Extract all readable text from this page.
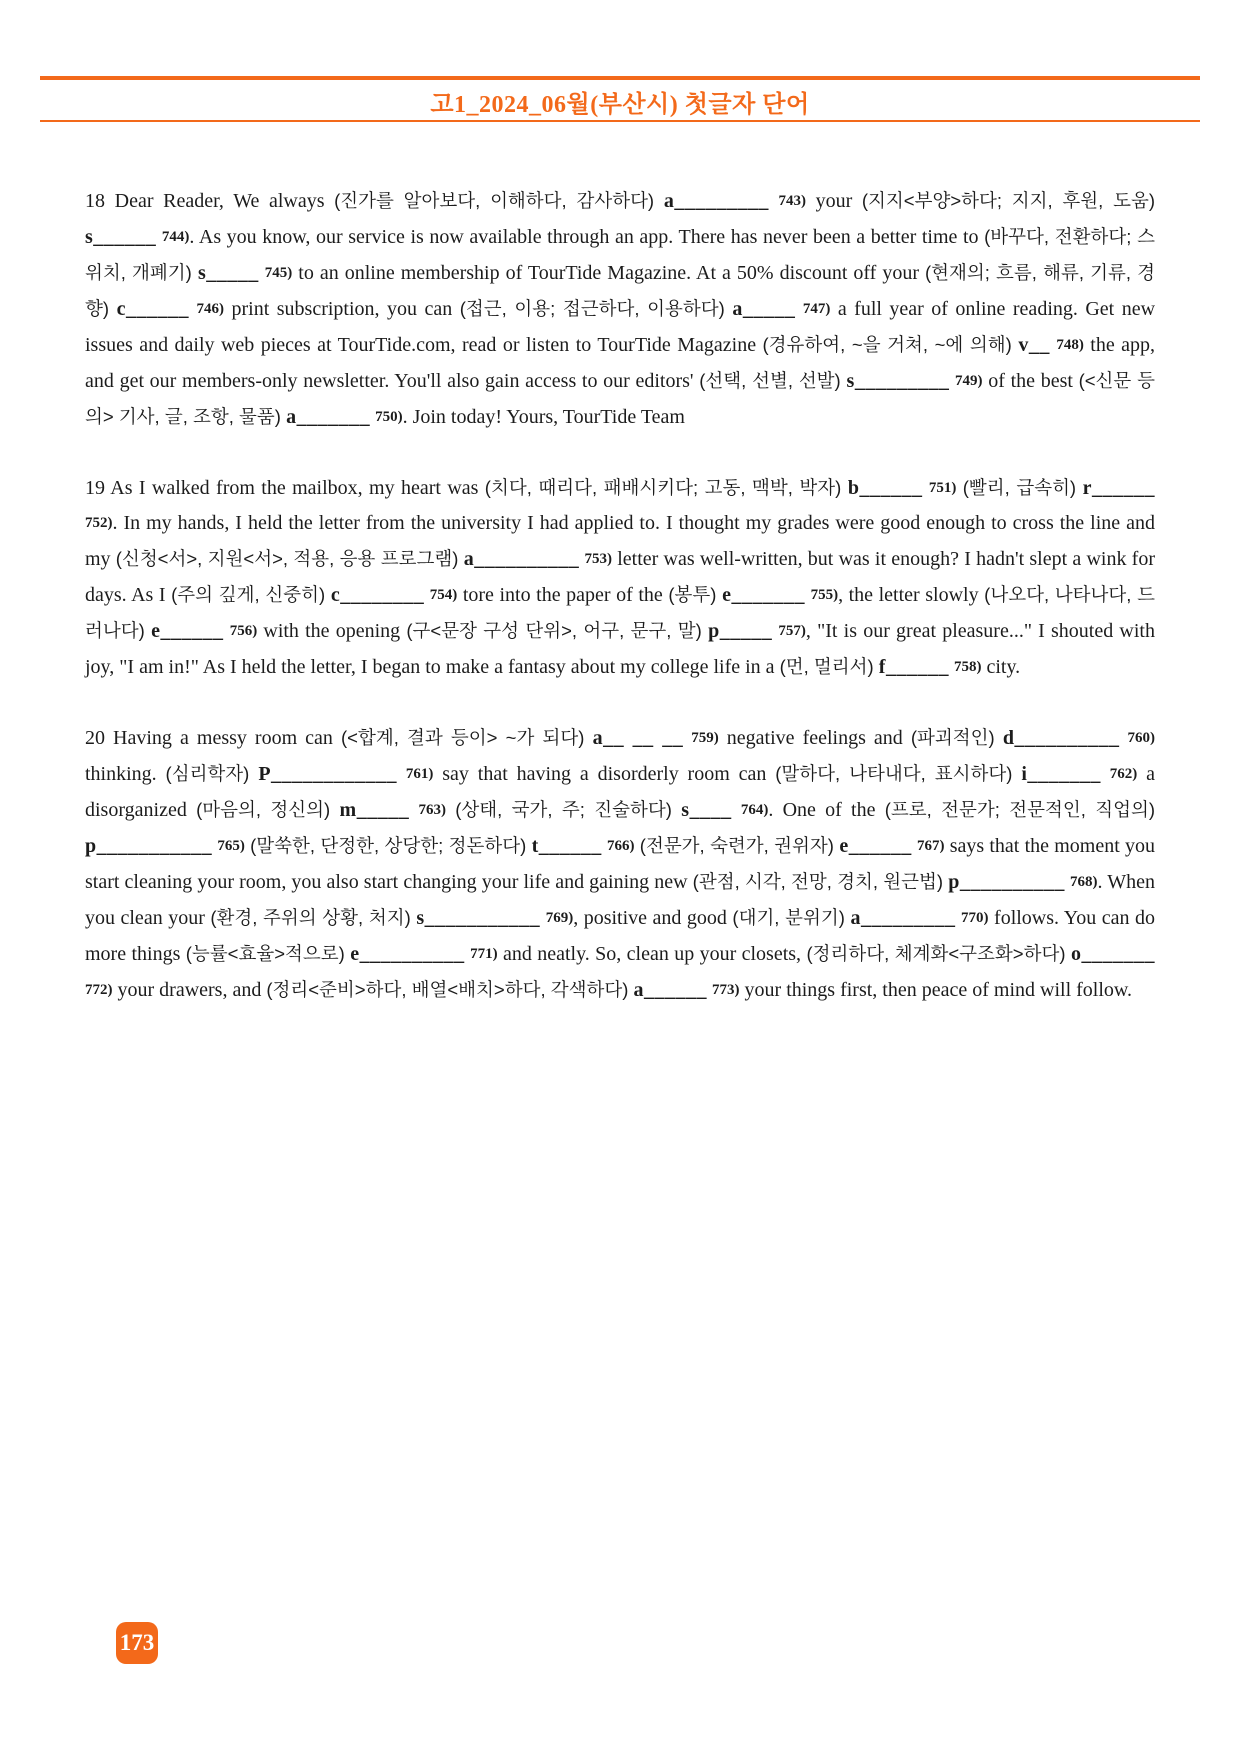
고1_2024_06월(부산시) 첫글자 단어

18 Dear Reader, We always (진가를 알아보다, 이해하다, 감사하다) a_________ 743) your (지지<부양>하다; 지지, 후원, 도움) s______ 744). As you know, our service is now available through an app. There has never been a better time to (바꾸다, 전환하다; 스위치, 개폐기) s_____ 745) to an online membership of TourTide Magazine. At a 50% discount off your (현재의; 흐름, 해류, 기류, 경향) c______ 746) print subscription, you can (접근, 이용; 접근하다, 이용하다) a_____ 747) a full year of online reading. Get new issues and daily web pieces at TourTide.com, read or listen to TourTide Magazine (경유하여, ~을 거쳐, ~에 의해) v__ 748) the app, and get our members-only newsletter. You'll also gain access to our editors' (선택, 선별, 선발) s_________ 749) of the best (<신문 등의> 기사, 글, 조항, 물품) a_______ 750). Join today! Yours, TourTide Team

19 As I walked from the mailbox, my heart was (치다, 때리다, 패배시키다; 고동, 맥박, 박자) b______ 751) (빨리, 급속히) r______ 752). In my hands, I held the letter from the university I had applied to. I thought my grades were good enough to cross the line and my (신청<서>, 지원<서>, 적용, 응용 프로그램) a__________ 753) letter was well-written, but was it enough? I hadn't slept a wink for days. As I (주의 깊게, 신중히) c________ 754) tore into the paper of the (봉투) e_______ 755), the letter slowly (나오다, 나타나다, 드러나다) e______ 756) with the opening (구<문장 구성 단위>, 어구, 문구, 말) p_____ 757), "It is our great pleasure..." I shouted with joy, "I am in!" As I held the letter, I began to make a fantasy about my college life in a (먼, 멀리서) f______ 758) city.

20 Having a messy room can (<합계, 결과 등이> ~가 되다) a__ __ __ 759) negative feelings and (파괴적인) d__________ 760) thinking. (심리학자) P____________ 761) say that having a disorderly room can (말하다, 나타내다, 표시하다) i_______ 762) a disorganized (마음의, 정신의) m_____ 763) (상태, 국가, 주; 진술하다) s____ 764). One of the (프로, 전문가; 전문적인, 직업의) p___________ 765) (말쑥한, 단정한, 상당한; 정돈하다) t______ 766) (전문가, 숙련가, 권위자) e______ 767) says that the moment you start cleaning your room, you also start changing your life and gaining new (관점, 시각, 전망, 경치, 원근법) p__________ 768). When you clean your (환경, 주위의 상황, 처지) s___________ 769), positive and good (대기, 분위기) a_________ 770) follows. You can do more things (능률<효율>적으로) e__________ 771) and neatly. So, clean up your closets, (정리하다, 체계화<구조화>하다) o_______ 772) your drawers, and (정리<준비>하다, 배열<배치>하다, 각색하다) a______ 773) your things first, then peace of mind will follow.

173
